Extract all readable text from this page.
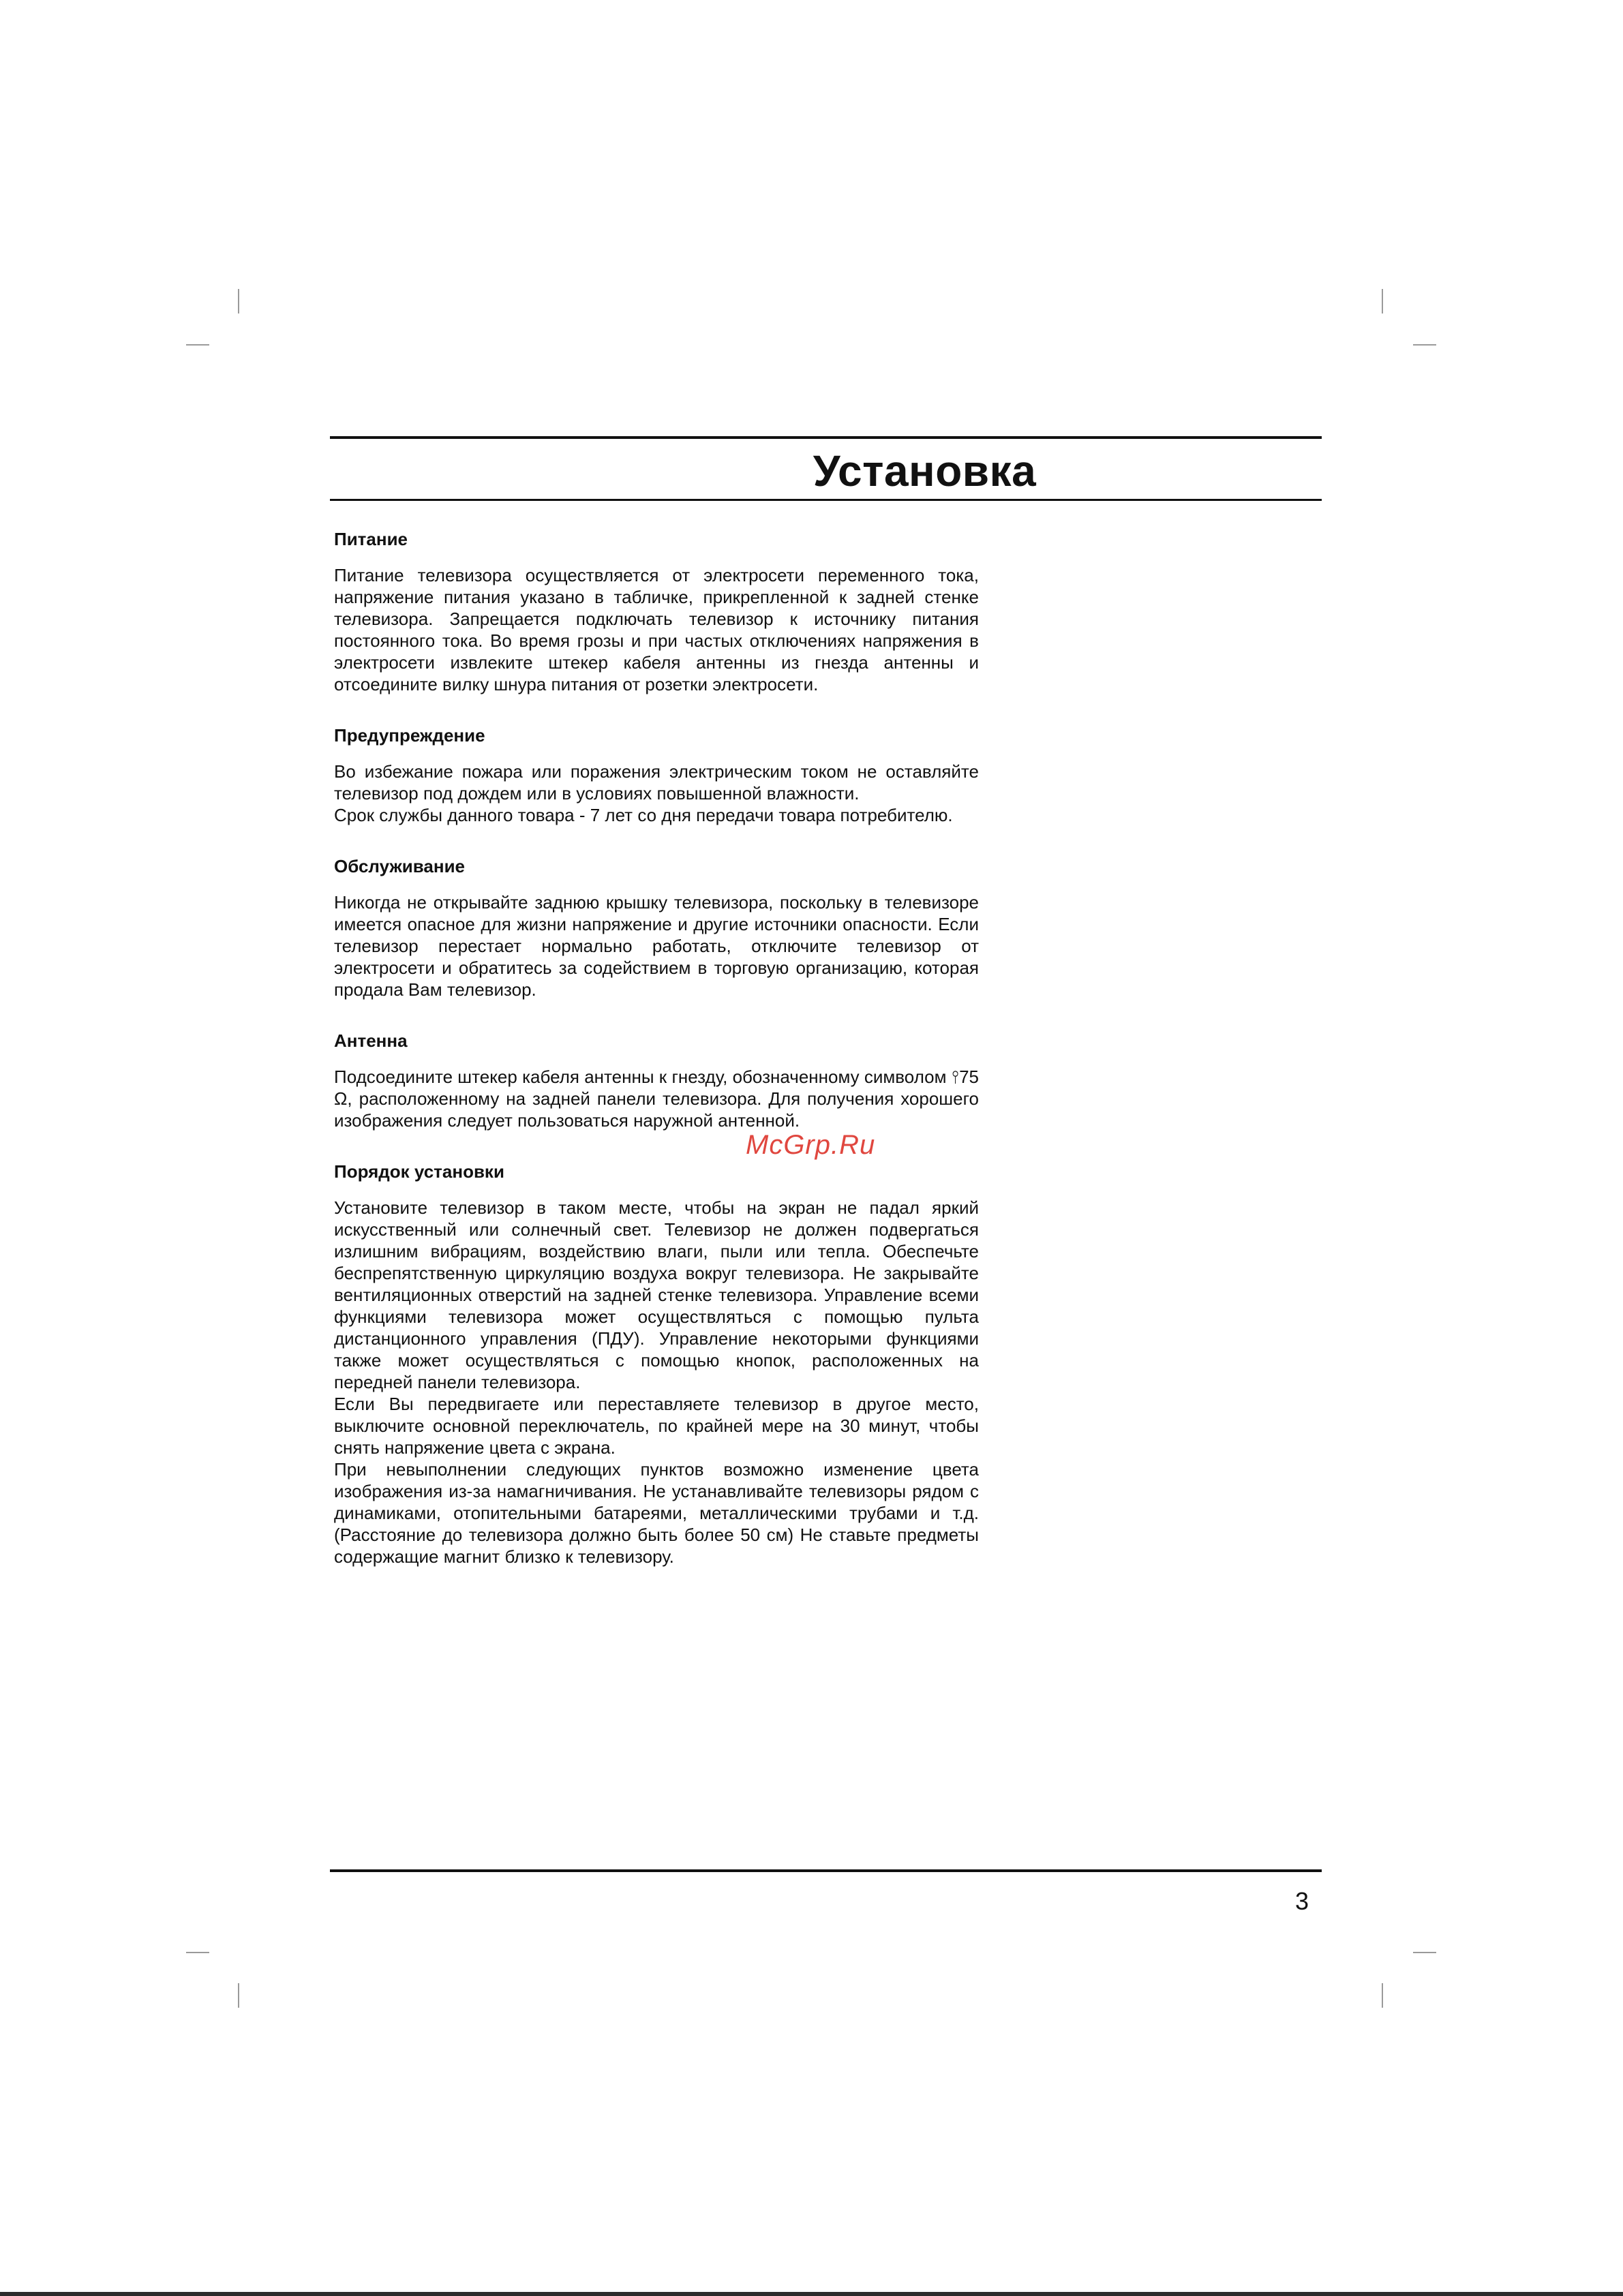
Установка
Питание

Питание телевизора осуществляется от электросети переменного тока, напряжение питания указано в табличке, прикрепленной к задней стенке телевизора. Запрещается подключать телевизор к источнику питания постоянного тока. Во время грозы и при частых отключениях напряжения в электросети извлеките штекер кабеля антенны из гнезда антенны и отсоедините вилку шнура питания от розетки электросети.

Предупреждение

Во избежание пожара или поражения электрическим током не оставляйте телевизор под дождем или в условиях повышенной влажности.

Срок службы данного товара - 7 лет со дня передачи товара потребителю.

Обслуживание

Никогда не открывайте заднюю крышку телевизора, поскольку в телевизоре имеется опасное для жизни напряжение и другие источники опасности. Если телевизор перестает нормально работать, отключите телевизор от электросети и обратитесь за содействием в торговую организацию, которая продала Вам телевизор.

Антенна

Подсоедините штекер кабеля антенны к гнезду, обозначенному символом ⫯75 Ω, расположенному на задней панели телевизора. Для получения хорошего изображения следует пользоваться наружной антенной.

Порядок установки

Установите телевизор в таком месте, чтобы на экран не падал яркий искусственный или солнечный свет. Телевизор не должен подвергаться излишним вибрациям, воздействию влаги, пыли или тепла. Обеспечьте беспрепятственную циркуляцию воздуха вокруг телевизора. Не закрывайте вентиляционных отверстий на задней стенке телевизора. Управление всеми функциями телевизора может осуществляться с помощью пульта дистанционного управления (ПДУ). Управление некоторыми функциями также может осуществляться с помощью кнопок, расположенных на передней панели телевизора.

Если Вы передвигаете или переставляете телевизор в другое место, выключите основной переключатель, по крайней мере на 30 минут, чтобы снять напряжение цвета с экрана.

При невыполнении следующих пунктов возможно изменение цвета изображения из-за намагничивания. Не устанавливайте телевизоры рядом с динамиками, отопительными батареями, металлическими трубами и т.д. (Расстояние до телевизора должно быть более 50 см) Не ставьте предметы содержащие магнит близко к телевизору.

McGrp.Ru
3
